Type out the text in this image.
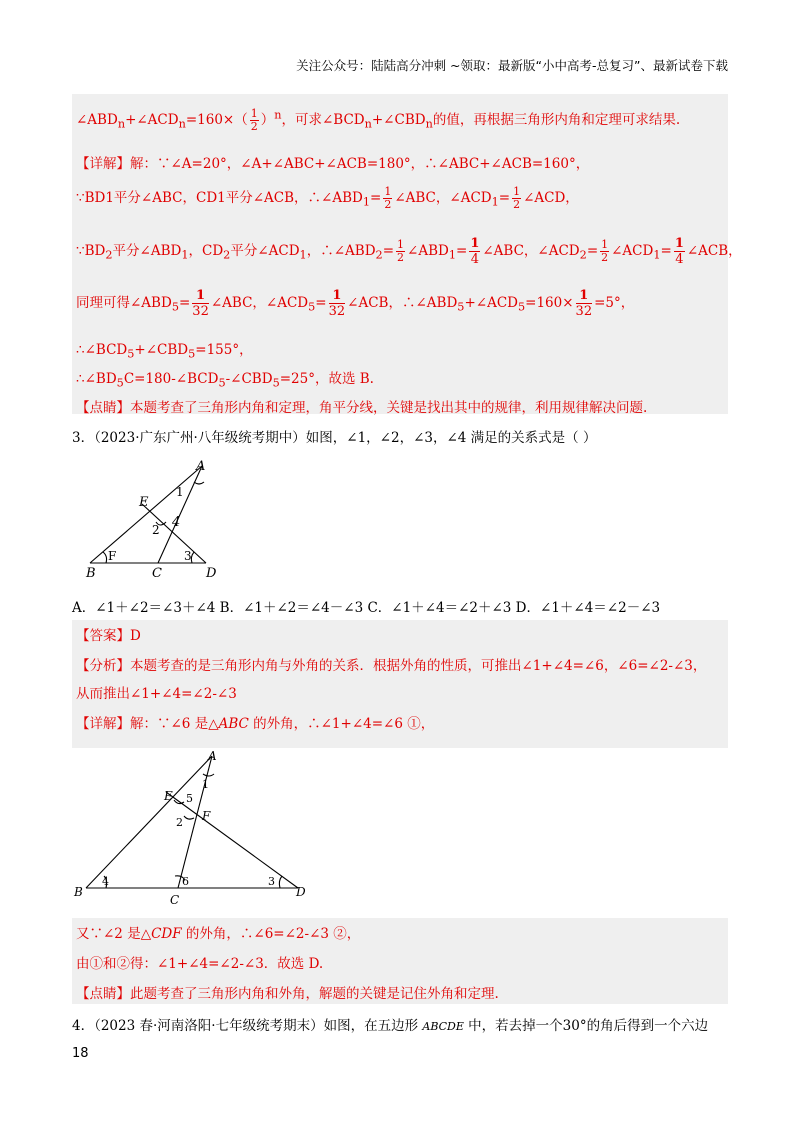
关注公众号：陆陆高分冲刺 ~领取：最新版“小中高考-总复习”、最新试卷下载
$\angle ABD_n+\angle ACD_n=160\times( \frac{1}{2} )^n$，可求$\angle BCD_n+\angle CBD_n$的值，再根据三角形内角和定理可求结果.
【详解】解：∵∠A=20°，∠A+∠ABC+∠ACB=180°，∴∠ABC+∠ACB=160°，
∵BD1平分∠ABC，CD1平分∠ACB，$\therefore\angle ABD_1= \frac{1}{2}$ ∠ABC，$\angle ACD_1= \frac{1}{2}$ ∠ACD，
$\because BD_2$平分$\angle ABD_1$，$CD_2$平分$\angle ACD_1$，$\therefore\angle ABD_2= \frac{1}{2}$ $\angle ABD_1= \frac{1}{4}$ ∠ABC，$\angle ACD_2= \frac{1}{2}$ $\angle ACD_1= \frac{1}{4}$ ∠ACB，
同理可得$\angle ABD_5= \frac{1}{32}$ ∠ABC，$\angle ACD_5= \frac{1}{32}$ ∠ACB，$\therefore\angle ABD_5+\angle ACD_5=160\times \frac{1}{32} =5^\circ$，
$\therefore\angle BCD_5+\angle CBD_5=155^\circ$，
$\therefore\angle BD_5C=180-\angle BCD_5-\angle CBD_5=25^\circ$，故选 B.
【点睛】本题考查了三角形内角和定理，角平分线，关键是找出其中的规律，利用规律解决问题.
3．（2023·广东广州·八年级统考期中）如图，∠1，∠2，∠3，∠4 满足的关系式是（ ）
A
E
4
B	C	D
1
2
F	3
A．∠1＋∠2＝∠3＋∠4 B．∠1＋∠2＝∠4－∠3 C．∠1＋∠4＝∠2＋∠3 D．∠1＋∠4＝∠2－∠3
【答案】D
【分析】本题考查的是三角形内角与外角的关系．根据外角的性质，可推出∠1+∠4=∠6，∠6=∠2-∠3，
从而推出∠1+∠4=∠2-∠3
【详解】解：∵∠6 是△ABC 的外角，∴∠1+∠4=∠6 ①，
A
E
F
B
C
D
5
1
2
4	6	3
又∵∠2 是△CDF 的外角，∴∠6=∠2-∠3 ②，
由①和②得：∠1+∠4=∠2-∠3．故选 D.
【点睛】此题考查了三角形内角和外角，解题的关键是记住外角和定理.
4．（2023 春·河南洛阳·七年级统考期末）如图，在五边形 ABCDE 中，若去掉一个30°的角后得到一个六边
18
